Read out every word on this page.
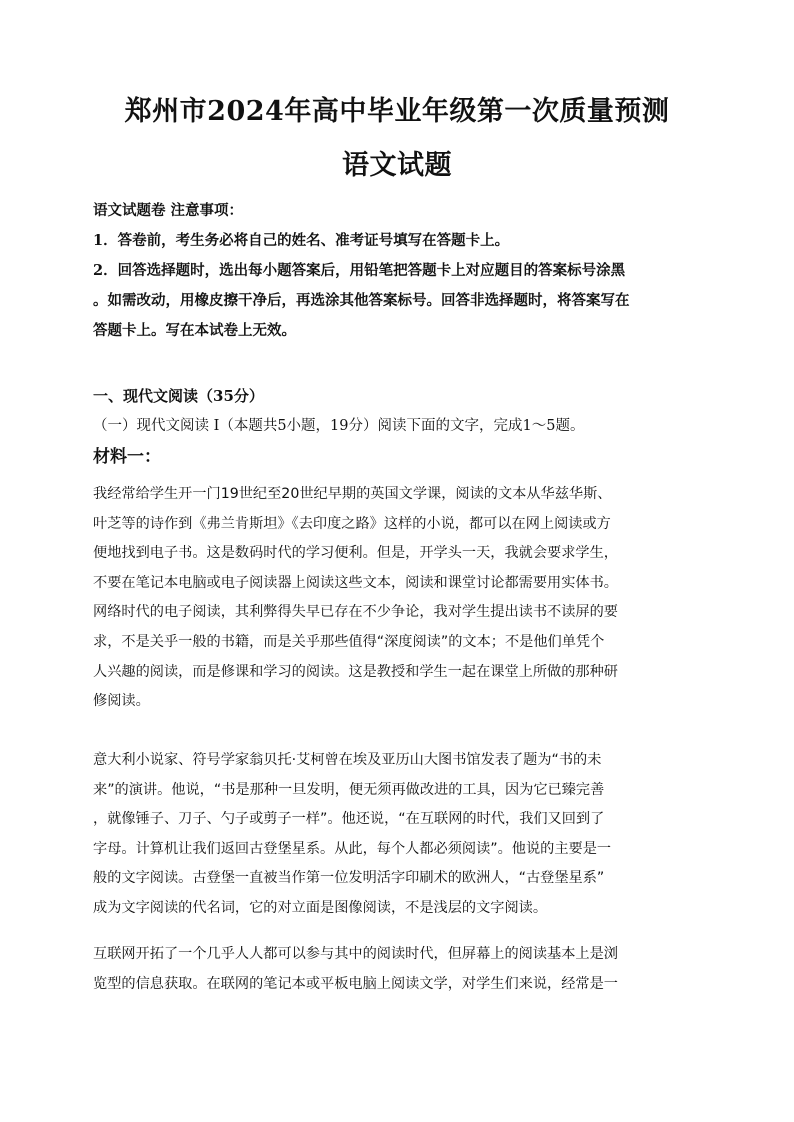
郑州市2024年高中毕业年级第一次质量预测
语文试题
语文试题卷 注意事项：
1．答卷前，考生务必将自己的姓名、准考证号填写在答题卡上。
2．回答选择题时，选出每小题答案后，用铅笔把答题卡上对应题目的答案标号涂黑
。如需改动，用橡皮擦干净后，再选涂其他答案标号。回答非选择题时，将答案写在
答题卡上。写在本试卷上无效。
一、现代文阅读（35分）
（一）现代文阅读 I（本题共5小题，19分）阅读下面的文字，完成1～5题。
材料一：
我经常给学生开一门19世纪至20世纪早期的英国文学课，阅读的文本从华兹华斯、
叶芝等的诗作到《弗兰肯斯坦》《去印度之路》这样的小说，都可以在网上阅读或方
便地找到电子书。这是数码时代的学习便利。但是，开学头一天，我就会要求学生，
不要在笔记本电脑或电子阅读器上阅读这些文本，阅读和课堂讨论都需要用实体书。
网络时代的电子阅读，其利弊得失早已存在不少争论，我对学生提出读书不读屏的要
求，不是关乎一般的书籍，而是关乎那些值得“深度阅读”的文本；不是他们单凭个
人兴趣的阅读，而是修课和学习的阅读。这是教授和学生一起在课堂上所做的那种研
修阅读。
意大利小说家、符号学家翁贝托·艾柯曾在埃及亚历山大图书馆发表了题为“书的未
来”的演讲。他说，“书是那种一旦发明，便无须再做改进的工具，因为它已臻完善
，就像锤子、刀子、勺子或剪子一样”。他还说，“在互联网的时代，我们又回到了
字母。计算机让我们返回古登堡星系。从此，每个人都必须阅读”。他说的主要是一
般的文字阅读。古登堡一直被当作第一位发明活字印刷术的欧洲人，“古登堡星系”
成为文字阅读的代名词，它的对立面是图像阅读，不是浅层的文字阅读。
互联网开拓了一个几乎人人都可以参与其中的阅读时代，但屏幕上的阅读基本上是浏
览型的信息获取。在联网的笔记本或平板电脑上阅读文学，对学生们来说，经常是一
